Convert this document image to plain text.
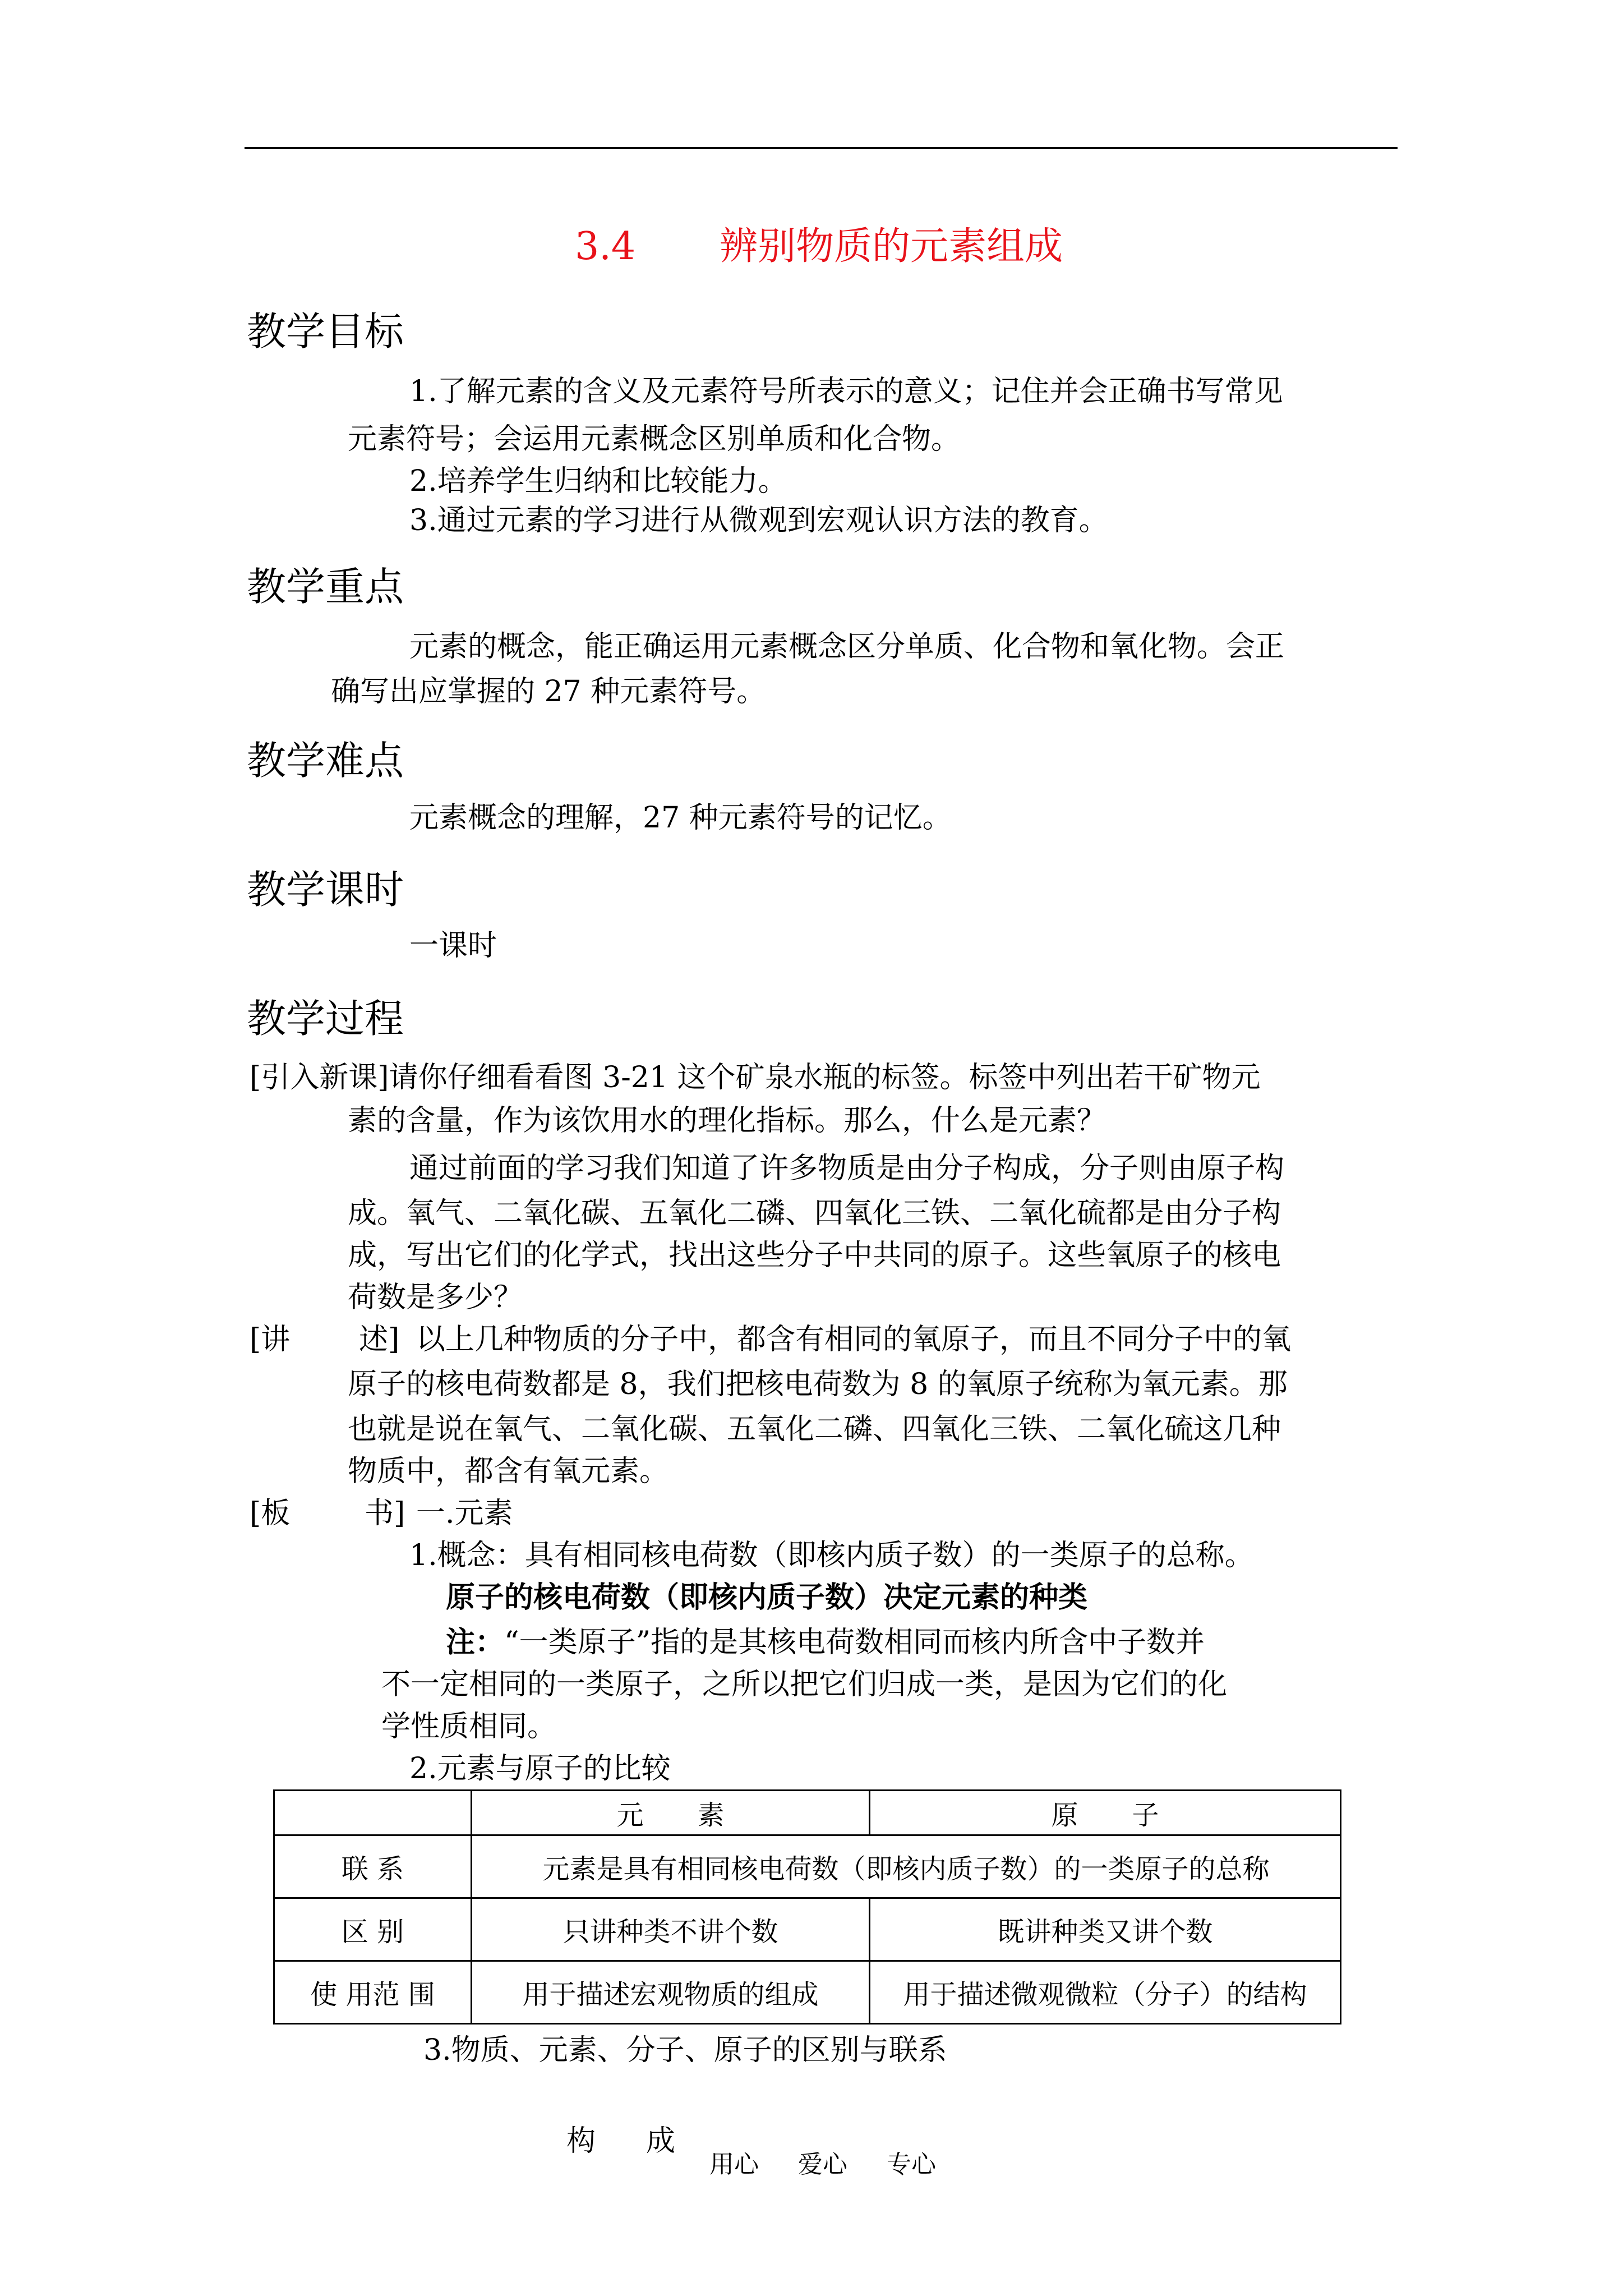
3.4 辨别物质的元素组成
教学目标
1.了解元素的含义及元素符号所表示的意义；记住并会正确书写常见
元素符号；会运用元素概念区别单质和化合物。
2.培养学生归纳和比较能力。
3.通过元素的学习进行从微观到宏观认识方法的教育。
教学重点
元素的概念，能正确运用元素概念区分单质、化合物和氧化物。会正
确写出应掌握的 27 种元素符号。
教学难点
元素概念的理解，27 种元素符号的记忆。
教学课时
一课时
教学过程
[引入新课]请你仔细看看图 3-21 这个矿泉水瓶的标签。标签中列出若干矿物元
素的含量，作为该饮用水的理化指标。那么，什么是元素？
通过前面的学习我们知道了许多物质是由分子构成，分子则由原子构
成。氧气、二氧化碳、五氧化二磷、四氧化三铁、二氧化硫都是由分子构
成，写出它们的化学式，找出这些分子中共同的原子。这些氧原子的核电
荷数是多少？
[讲 述] 以上几种物质的分子中，都含有相同的氧原子，而且不同分子中的氧
原子的核电荷数都是 8，我们把核电荷数为 8 的氧原子统称为氧元素。那
也就是说在氧气、二氧化碳、五氧化二磷、四氧化三铁、二氧化硫这几种
物质中，都含有氧元素。
[板	书] 一.元素
1.概念：具有相同核电荷数（即核内质子数）的一类原子的总称。
原子的核电荷数（即核内质子数）决定元素的种类
注：“一类原子”指的是其核电荷数相同而核内所含中子数并
不一定相同的一类原子，之所以把它们归成一类，是因为它们的化
学性质相同。
2.元素与原子的比较
	元　　素	原　　子
联 系	元素是具有相同核电荷数（即核内质子数）的一类原子的总称	
区 别	只讲种类不讲个数	既讲种类又讲个数
使 用范 围	用于描述宏观物质的组成	用于描述微观微粒（分子）的结构
3.物质、元素、分子、原子的区别与联系
构 成
用心 爱心 专心
